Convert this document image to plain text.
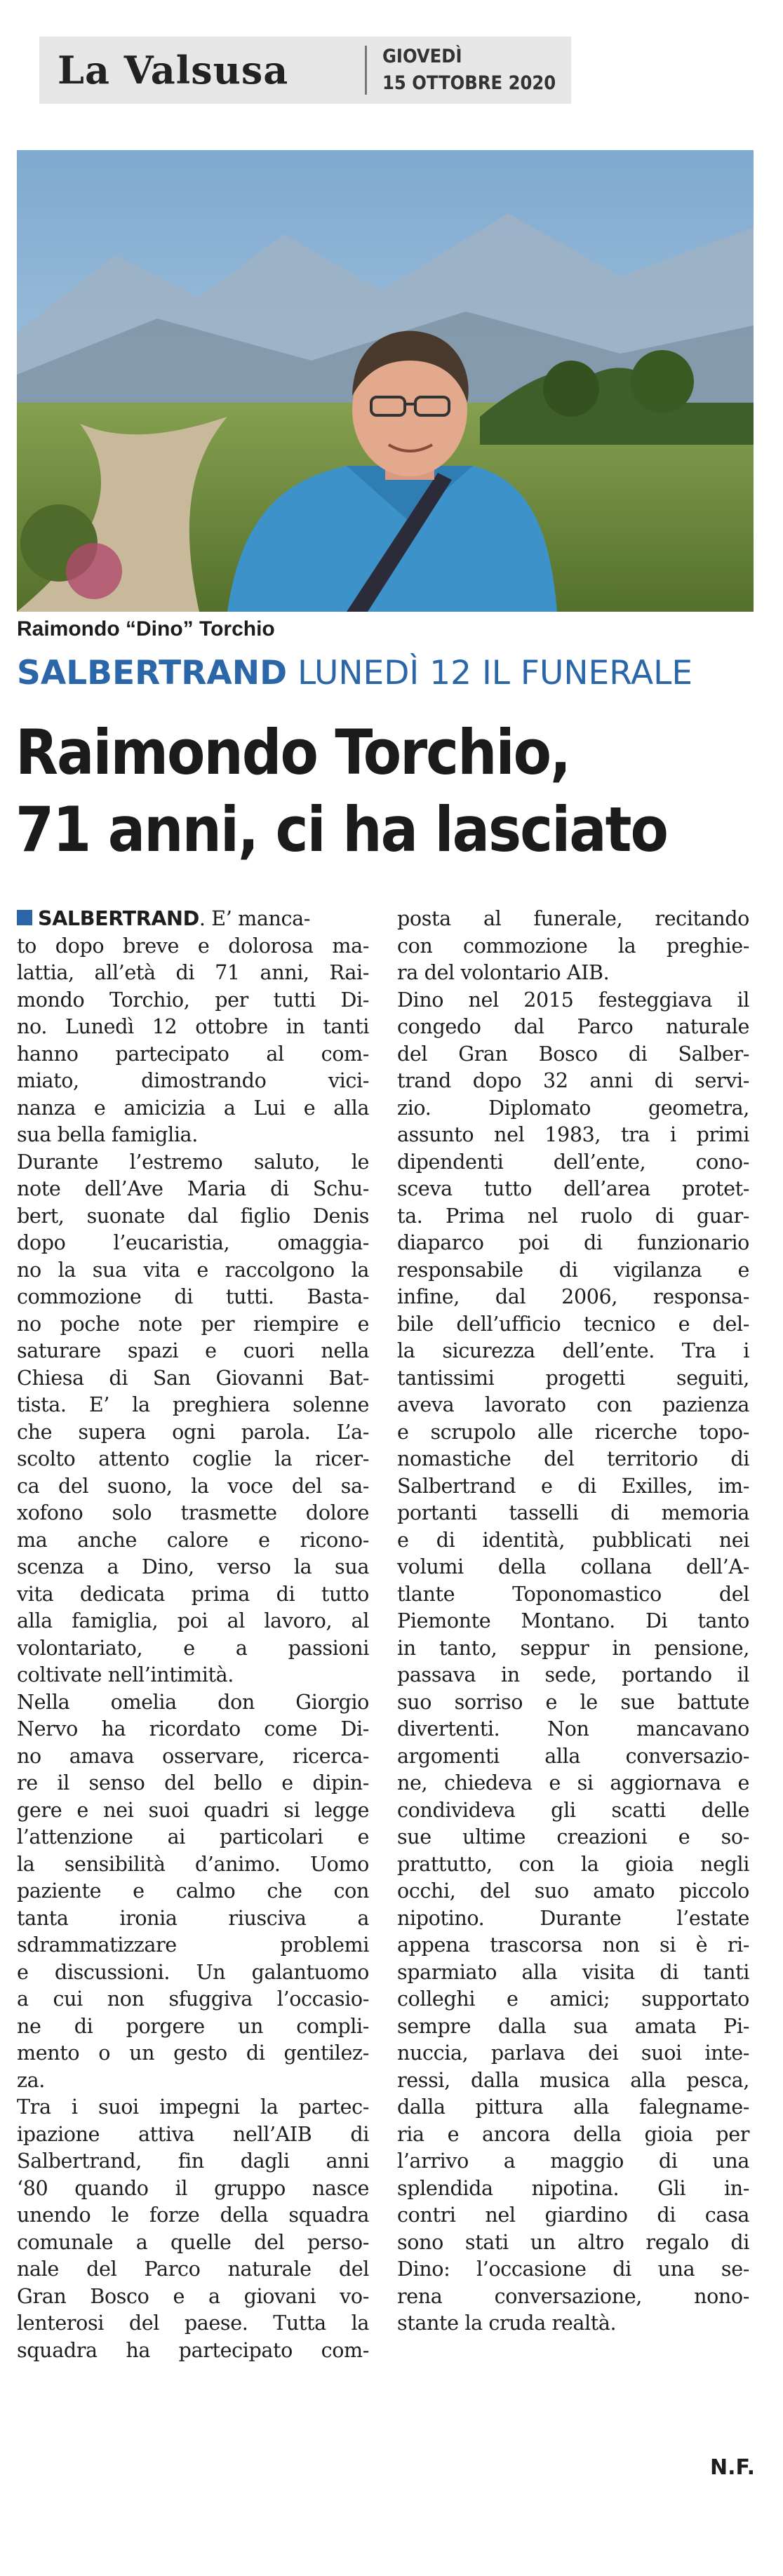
La Valsusa	GIOVEDÌ
15 OTTOBRE 2020
Raimondo “Dino” Torchio
SALBERTRAND LUNEDÌ 12 IL FUNERALE
Raimondo Torchio,
71 anni, ci ha lasciato
SALBERTRAND. E’ manca-
to dopo breve e dolorosa ma-
lattia, all’età di 71 anni, Rai-
mondo Torchio, per tutti Di-
no. Lunedì 12 ottobre in tanti
hanno partecipato al com-
miato, dimostrando vici-
nanza e amicizia a Lui e alla
sua bella famiglia.
Durante l’estremo saluto, le
note dell’Ave Maria di Schu-
bert, suonate dal figlio Denis
dopo l’eucaristia, omaggia-
no la sua vita e raccolgono la
commozione di tutti. Basta-
no poche note per riempire e
saturare spazi e cuori nella
Chiesa di San Giovanni Bat-
tista. E’ la preghiera solenne
che supera ogni parola. L’a-
scolto attento coglie la ricer-
ca del suono, la voce del sa-
xofono solo trasmette dolore
ma anche calore e ricono-
scenza a Dino, verso la sua
vita dedicata prima di tutto
alla famiglia, poi al lavoro, al
volontariato, e a passioni
coltivate nell’intimità.
Nella omelia don Giorgio
Nervo ha ricordato come Di-
no amava osservare, ricerca-
re il senso del bello e dipin-
gere e nei suoi quadri si legge
l’attenzione ai particolari e
la sensibilità d’animo. Uomo
paziente e calmo che con
tanta ironia riusciva a
sdrammatizzare problemi
e discussioni. Un galantuomo
a cui non sfuggiva l’occasio-
ne di porgere un compli-
mento o un gesto di gentilez-
za.
Tra i suoi impegni la partec-
ipazione attiva nell’AIB di
Salbertrand, fin dagli anni
‘80 quando il gruppo nasce
unendo le forze della squadra
comunale a quelle del perso-
nale del Parco naturale del
Gran Bosco e a giovani vo-
lenterosi del paese. Tutta la
squadra ha partecipato com-
posta al funerale, recitando
con commozione la preghie-
ra del volontario AIB.
Dino nel 2015 festeggiava il
congedo dal Parco naturale
del Gran Bosco di Salber-
trand dopo 32 anni di servi-
zio. Diplomato geometra,
assunto nel 1983, tra i primi
dipendenti dell’ente, cono-
sceva tutto dell’area protet-
ta. Prima nel ruolo di guar-
diaparco poi di funzionario
responsabile di vigilanza e
infine, dal 2006, responsa-
bile dell’ufficio tecnico e del-
la sicurezza dell’ente. Tra i
tantissimi progetti seguiti,
aveva lavorato con pazienza
e scrupolo alle ricerche topo-
nomastiche del territorio di
Salbertrand e di Exilles, im-
portanti tasselli di memoria
e di identità, pubblicati nei
volumi della collana dell’A-
tlante Toponomastico del
Piemonte Montano. Di tanto
in tanto, seppur in pensione,
passava in sede, portando il
suo sorriso e le sue battute
divertenti. Non mancavano
argomenti alla conversazio-
ne, chiedeva e si aggiornava e
condivideva gli scatti delle
sue ultime creazioni e so-
prattutto, con la gioia negli
occhi, del suo amato piccolo
nipotino. Durante l’estate
appena trascorsa non si è ri-
sparmiato alla visita di tanti
colleghi e amici; supportato
sempre dalla sua amata Pi-
nuccia, parlava dei suoi inte-
ressi, dalla musica alla pesca,
dalla pittura alla falegname-
ria e ancora della gioia per
l’arrivo a maggio di una
splendida nipotina. Gli in-
contri nel giardino di casa
sono stati un altro regalo di
Dino: l’occasione di una se-
rena conversazione, nono-
stante la cruda realtà.
N.F.
